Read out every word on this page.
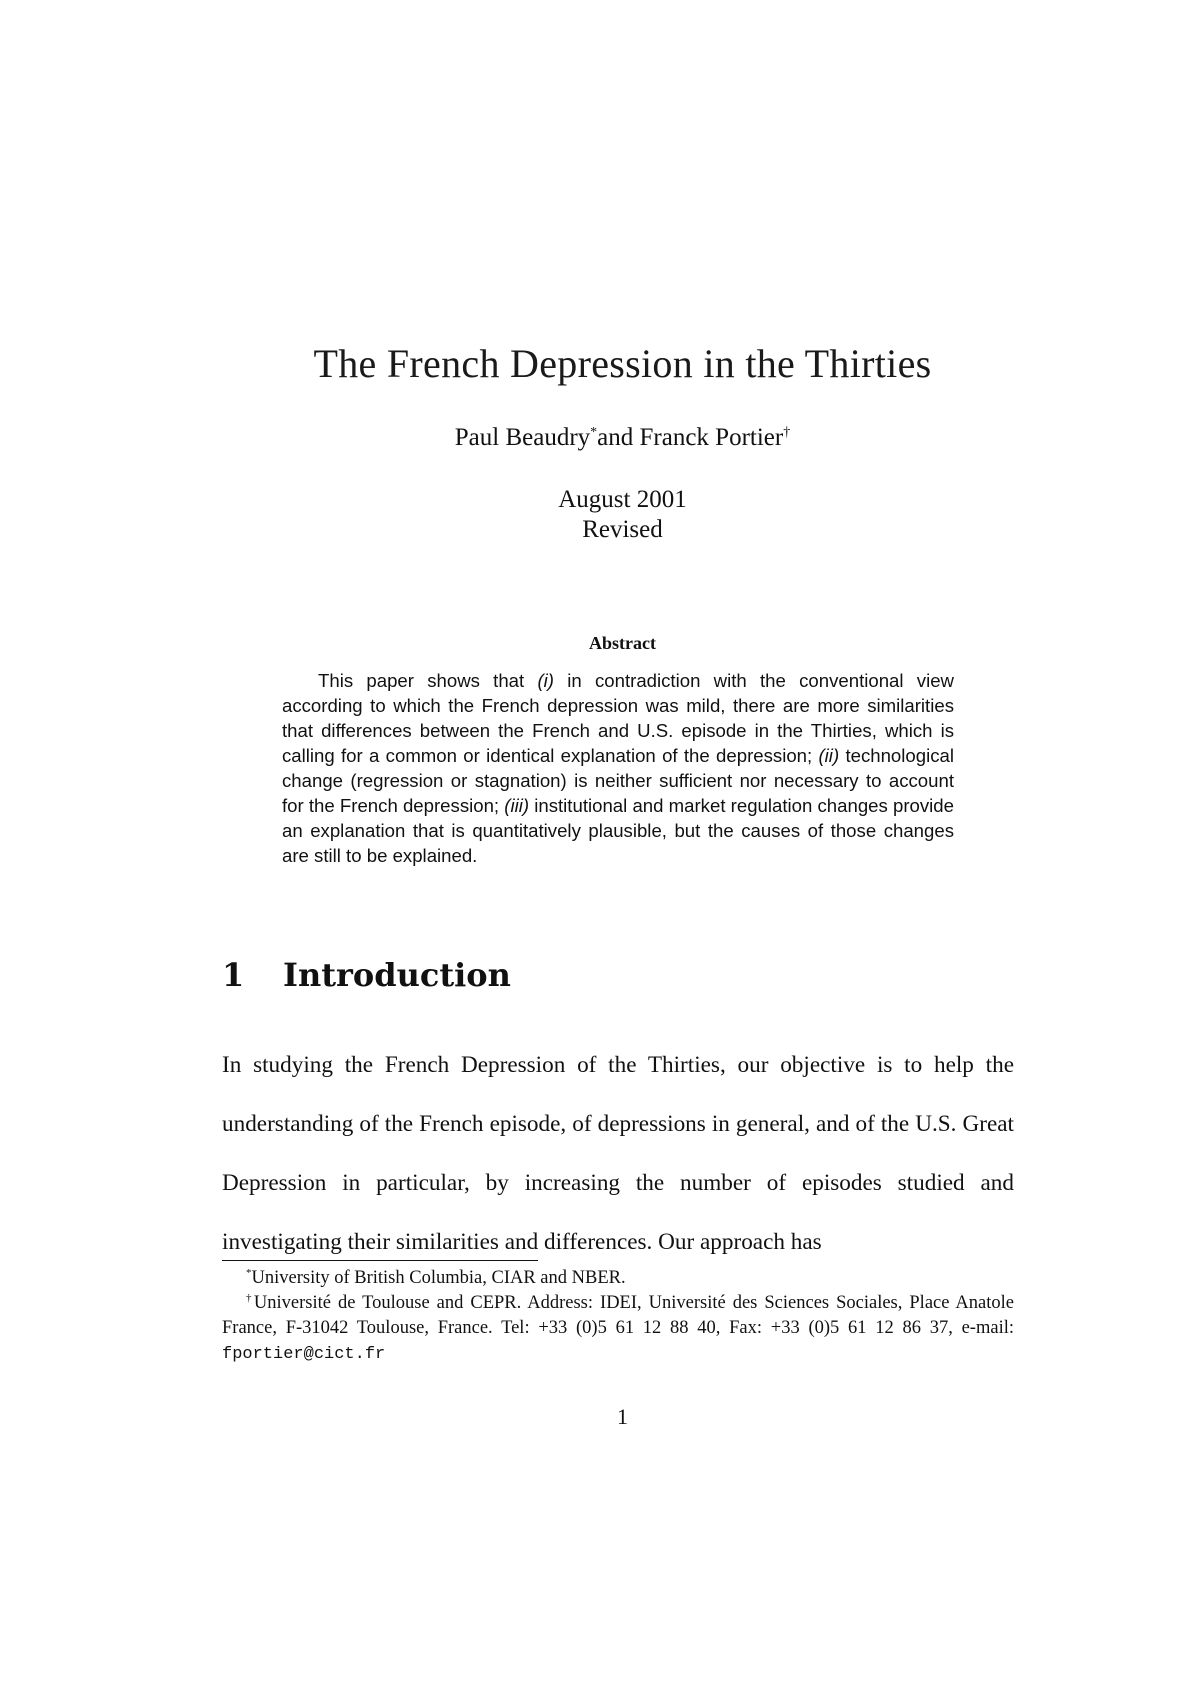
The French Depression in the Thirties
Paul Beaudry*and Franck Portier†
August 2001
Revised
Abstract

This paper shows that (i) in contradiction with the conventional view according to which the French depression was mild, there are more similarities that differences between the French and U.S. episode in the Thirties, which is calling for a common or identical explanation of the depression; (ii) technological change (regression or stagnation) is neither sufficient nor necessary to account for the French depression; (iii) institutional and market regulation changes provide an explanation that is quantitatively plausible, but the causes of those changes are still to be explained.

1 Introduction

In studying the French Depression of the Thirties, our objective is to help the understanding of the French episode, of depressions in general, and of the U.S. Great Depression in particular, by increasing the number of episodes studied and investigating their similarities and differences. Our approach has

*University of British Columbia, CIAR and NBER.

†Université de Toulouse and CEPR. Address: IDEI, Université des Sciences Sociales, Place Anatole France, F-31042 Toulouse, France. Tel: +33 (0)5 61 12 88 40, Fax: +33 (0)5 61 12 86 37, e-mail: fportier@cict.fr

1
